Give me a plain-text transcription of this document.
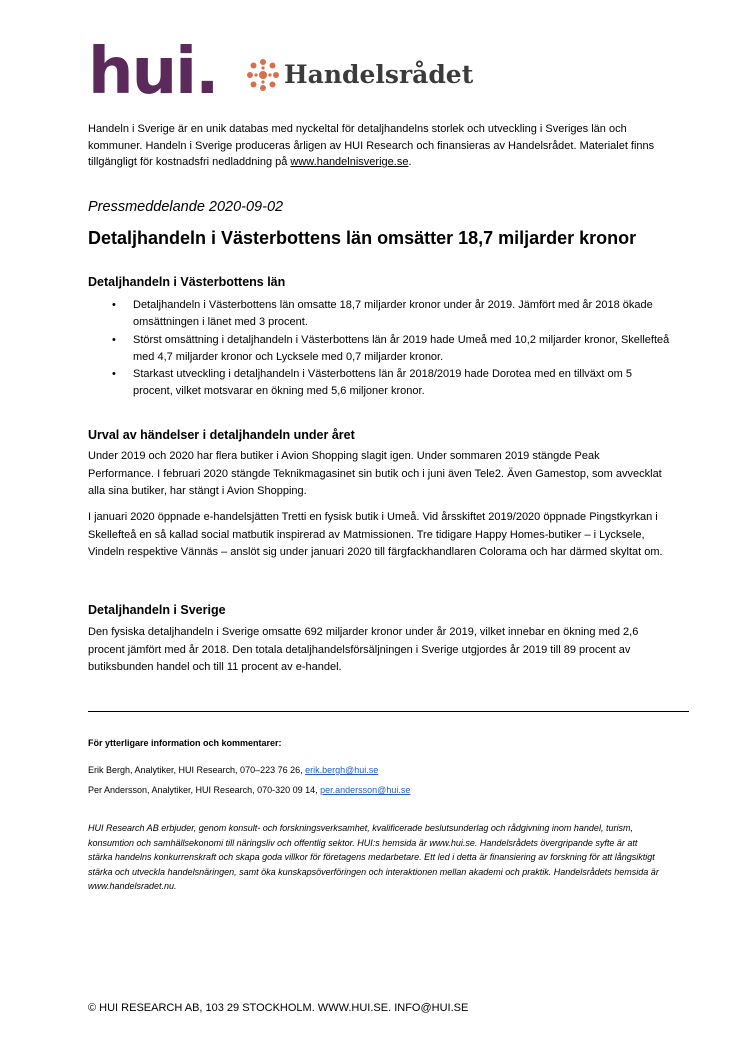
hui.	Handelsrådet
Handeln i Sverige är en unik databas med nyckeltal för detaljhandelns storlek och utveckling i Sveriges län och kommuner. Handeln i Sverige produceras årligen av HUI Research och finansieras av Handelsrådet. Materialet finns tillgängligt för kostnadsfri nedladdning på www.handelnisverige.se.
Pressmeddelande 2020-09-02
Detaljhandeln i Västerbottens län omsätter 18,7 miljarder kronor
Detaljhandeln i Västerbottens län
• Detaljhandeln i Västerbottens län omsatte 18,7 miljarder kronor under år 2019. Jämfört med år 2018 ökade omsättningen i länet med 3 procent.
• Störst omsättning i detaljhandeln i Västerbottens län år 2019 hade Umeå med 10,2 miljarder kronor, Skellefteå med 4,7 miljarder kronor och Lycksele med 0,7 miljarder kronor.
• Starkast utveckling i detaljhandeln i Västerbottens län år 2018/2019 hade Dorotea med en tillväxt om 5 procent, vilket motsvarar en ökning med 5,6 miljoner kronor.
Urval av händelser i detaljhandeln under året
Under 2019 och 2020 har flera butiker i Avion Shopping slagit igen. Under sommaren 2019 stängde Peak Performance. I februari 2020 stängde Teknikmagasinet sin butik och i juni även Tele2. Även Gamestop, som avvecklat alla sina butiker, har stängt i Avion Shopping.
I januari 2020 öppnade e-handelsjätten Tretti en fysisk butik i Umeå. Vid årsskiftet 2019/2020 öppnade Pingstkyrkan i Skellefteå en så kallad social matbutik inspirerad av Matmissionen. Tre tidigare Happy Homes-butiker – i Lycksele, Vindeln respektive Vännäs – anslöt sig under januari 2020 till färgfackhandlaren Colorama och har därmed skyltat om.
Detaljhandeln i Sverige
Den fysiska detaljhandeln i Sverige omsatte 692 miljarder kronor under år 2019, vilket innebar en ökning med 2,6 procent jämfört med år 2018. Den totala detaljhandelsförsäljningen i Sverige utgjordes år 2019 till 89 procent av butiksbunden handel och till 11 procent av e-handel.
För ytterligare information och kommentarer:
Erik Bergh, Analytiker, HUI Research, 070–223 76 26, erik.bergh@hui.se
Per Andersson, Analytiker, HUI Research, 070-320 09 14, per.andersson@hui.se
HUI Research AB erbjuder, genom konsult- och forskningsverksamhet, kvalificerade beslutsunderlag och rådgivning inom handel, turism, konsumtion och samhällsekonomi till näringsliv och offentlig sektor. HUI:s hemsida är www.hui.se. Handelsrådets övergripande syfte är att stärka handelns konkurrenskraft och skapa goda villkor för företagens medarbetare. Ett led i detta är finansiering av forskning för att långsiktigt stärka och utveckla handelsnäringen, samt öka kunskapsöverföringen och interaktionen mellan akademi och praktik. Handelsrådets hemsida är www.handelsradet.nu.
© HUI RESEARCH AB, 103 29 STOCKHOLM. WWW.HUI.SE. INFO@HUI.SE
